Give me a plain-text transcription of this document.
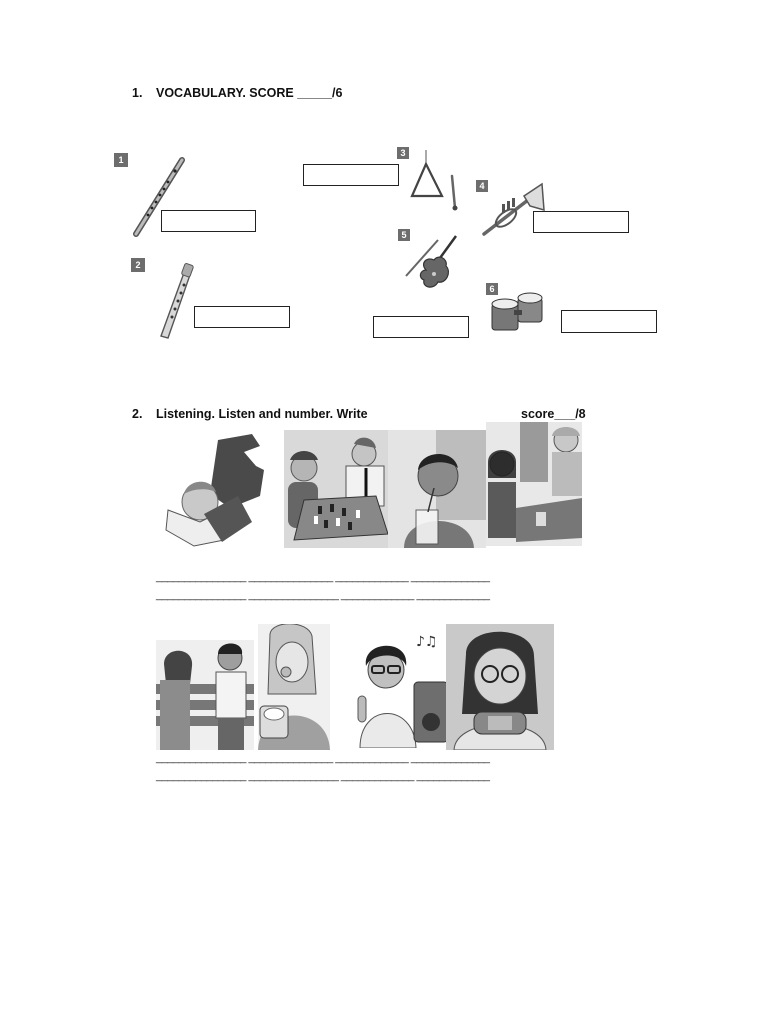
1. VOCABULARY. SCORE _____/6
1
2
3
4
5
6
2. Listening. Listen and number. Write	score___/8
________________ _______________ _____________ ______________
________________ ________________ _____________ _____________
♪♫
________________ _______________ _____________ ______________
________________ ________________ _____________ _____________
